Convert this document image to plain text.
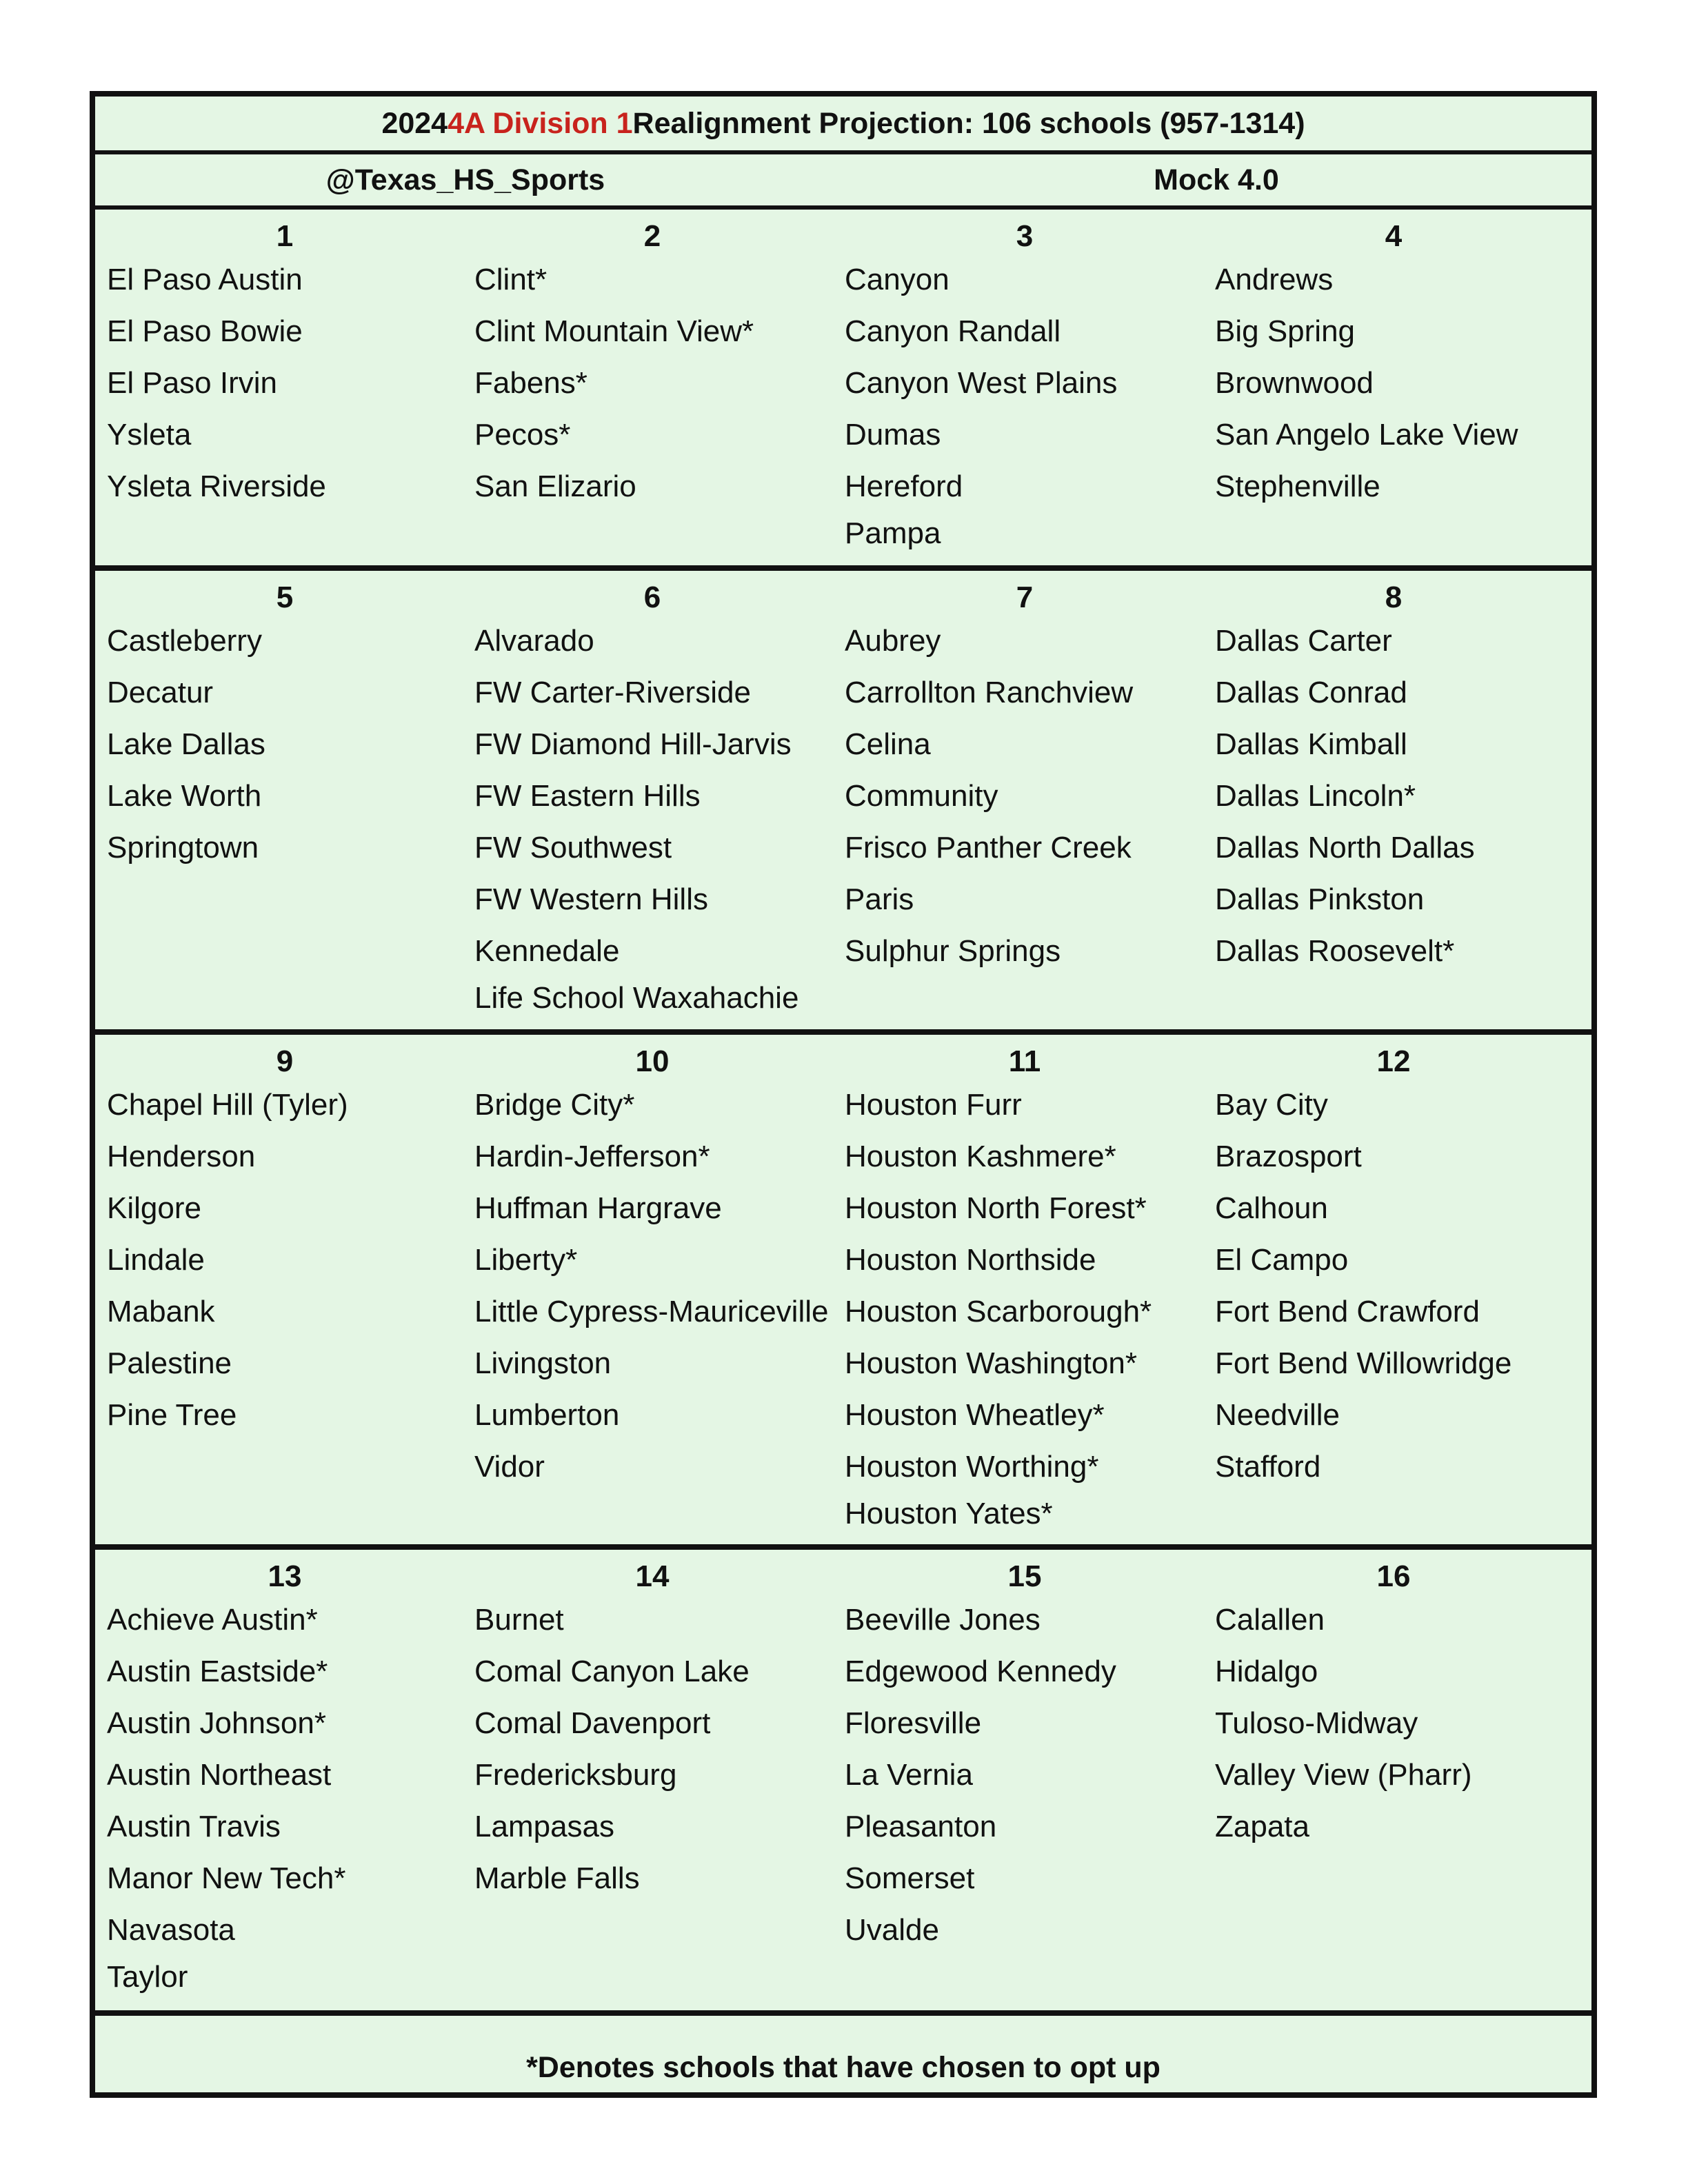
2024 4A Division 1 Realignment Projection: 106 schools (957-1314)
@Texas_HS_Sports	Mock 4.0
1
El Paso Austin
El Paso Bowie
El Paso Irvin
Ysleta
Ysleta Riverside
2
Clint*
Clint Mountain View*
Fabens*
Pecos*
San Elizario
3
Canyon
Canyon Randall
Canyon West Plains
Dumas
Hereford
Pampa
4
Andrews
Big Spring
Brownwood
San Angelo Lake View
Stephenville
5
Castleberry
Decatur
Lake Dallas
Lake Worth
Springtown
6
Alvarado
FW Carter-Riverside
FW Diamond Hill-Jarvis
FW Eastern Hills
FW Southwest
FW Western Hills
Kennedale
Life School Waxahachie
7
Aubrey
Carrollton Ranchview
Celina
Community
Frisco Panther Creek
Paris
Sulphur Springs
8
Dallas Carter
Dallas Conrad
Dallas Kimball
Dallas Lincoln*
Dallas North Dallas
Dallas Pinkston
Dallas Roosevelt*
9
Chapel Hill (Tyler)
Henderson
Kilgore
Lindale
Mabank
Palestine
Pine Tree
10
Bridge City*
Hardin-Jefferson*
Huffman Hargrave
Liberty*
Little Cypress-Mauriceville
Livingston
Lumberton
Vidor
11
Houston Furr
Houston Kashmere*
Houston North Forest*
Houston Northside
Houston Scarborough*
Houston Washington*
Houston Wheatley*
Houston Worthing*
Houston Yates*
12
Bay City
Brazosport
Calhoun
El Campo
Fort Bend Crawford
Fort Bend Willowridge
Needville
Stafford
13
Achieve Austin*
Austin Eastside*
Austin Johnson*
Austin Northeast
Austin Travis
Manor New Tech*
Navasota
Taylor
14
Burnet
Comal Canyon Lake
Comal Davenport
Fredericksburg
Lampasas
Marble Falls
15
Beeville Jones
Edgewood Kennedy
Floresville
La Vernia
Pleasanton
Somerset
Uvalde
16
Calallen
Hidalgo
Tuloso-Midway
Valley View (Pharr)
Zapata
*Denotes schools that have chosen to opt up
